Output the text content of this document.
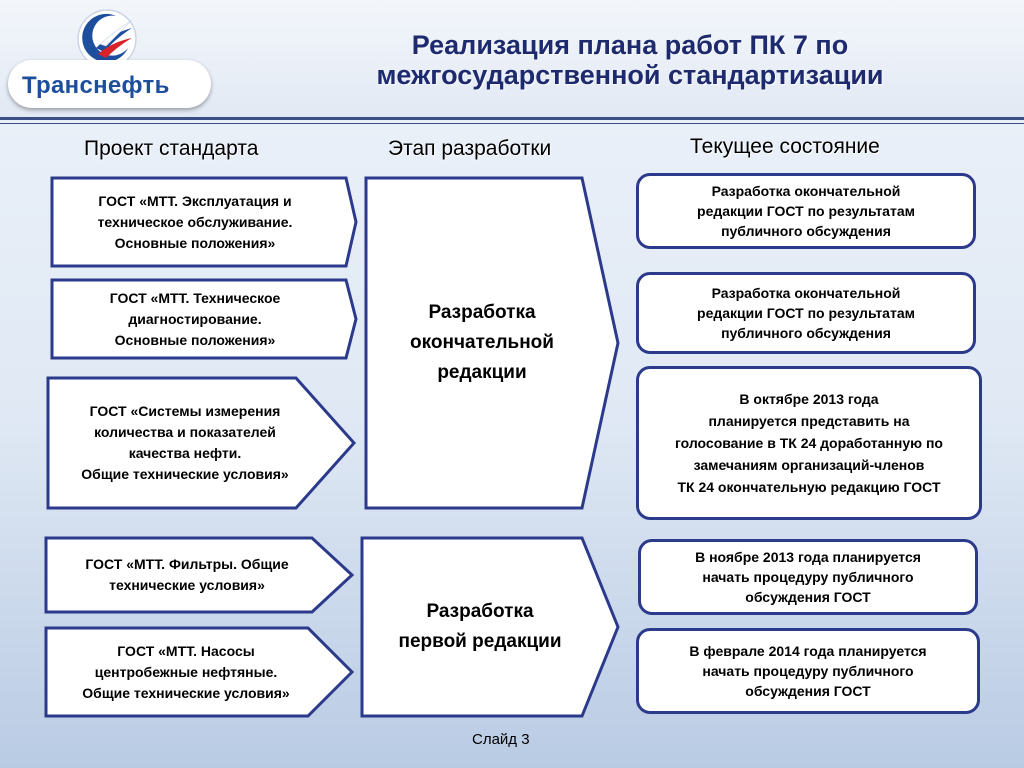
Транснефть
Реализация плана работ ПК 7 по
межгосударственной стандартизации
Проект стандарта	Этап разработки	Текущее состояние
ГОСТ «МТТ. Эксплуатация и
техническое обслуживание.
Основные положения»
ГОСТ «МТТ. Техническое
диагностирование.
Основные положения»
ГОСТ «Системы измерения
количества и показателей
качества нефти.
Общие технические условия»
ГОСТ «МТТ. Фильтры. Общие
технические условия»
ГОСТ «МТТ. Насосы
центробежные нефтяные.
Общие технические условия»
Разработка
окончательной
редакции
Разработка
первой редакции
Разработка окончательной
редакции ГОСТ по результатам
публичного обсуждения
Разработка окончательной
редакции ГОСТ по результатам
публичного обсуждения
В октябре 2013 года
планируется представить на
голосование в ТК 24 доработанную по
замечаниям организаций-членов
ТК 24 окончательную редакцию ГОСТ
В ноябре 2013 года планируется
начать процедуру публичного
обсуждения ГОСТ
В феврале 2014 года планируется
начать процедуру публичного
обсуждения ГОСТ
Слайд 3
